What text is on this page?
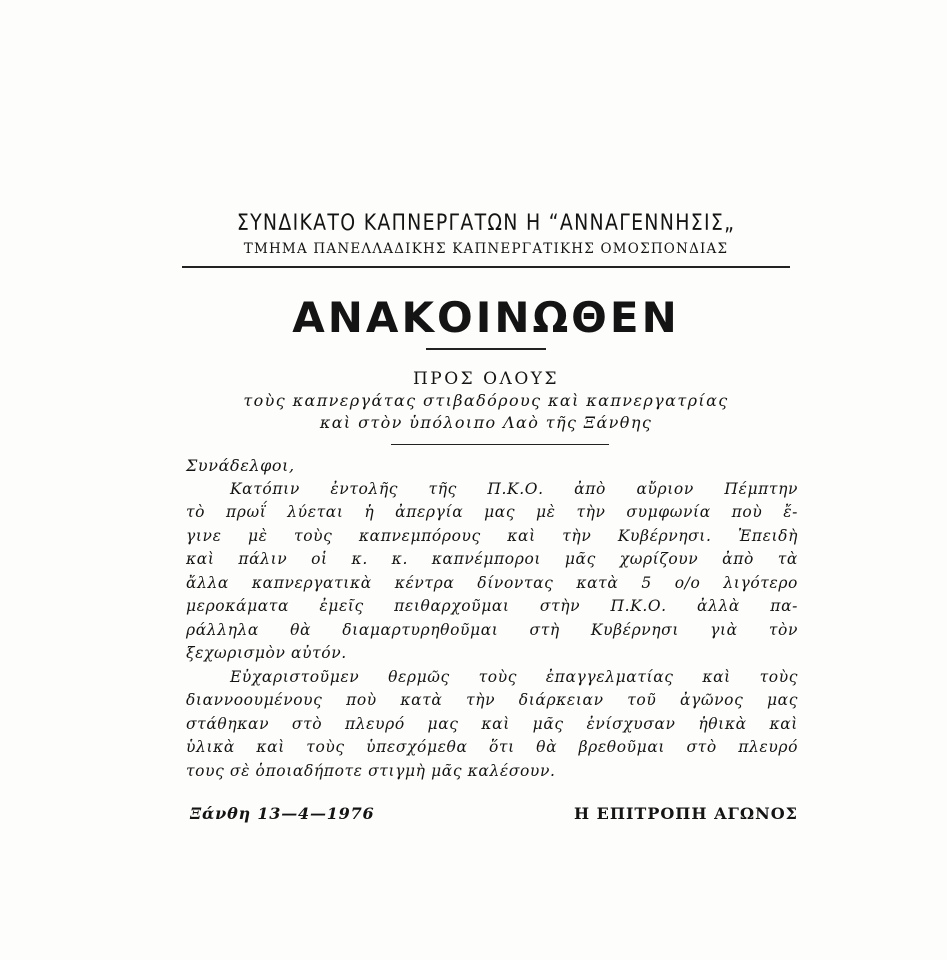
ΣΥΝΔΙΚΑΤΟ ΚΑΠΝΕΡΓΑΤΩΝ Η “ΑΝΝΑΓΕΝΝΗΣΙΣ„

ΤΜΗΜΑ ΠΑΝΕΛΛΑΔΙΚΗΣ ΚΑΠΝΕΡΓΑΤΙΚΗΣ ΟΜΟΣΠΟΝΔΙΑΣ

ΑΝΑΚΟΙΝΩΘΕΝ

ΠΡΟΣ ΟΛΟΥΣ

τοὺς καπνεργάτας στιβαδόρους καὶ καπνεργατρίας

καὶ στὸν ὑπόλοιπο Λαὸ τῆς Ξάνθης

Συνάδελφοι,

Κατόπιν ἐντολῆς τῆς Π.Κ.Ο. ἀπὸ αὔριον Πέμπτην
τὸ πρωΐ λύεται ἡ ἀπεργία μας μὲ τὴν συμφωνία ποὺ ἔ-
γινε μὲ τοὺς καπνεμπόρους καὶ τὴν Κυβέρνησι. Ἐπειδὴ
καὶ πάλιν οἱ κ. κ. καπνέμποροι μᾶς χωρίζουν ἀπὸ τὰ
ἄλλα καπνεργατικὰ κέντρα δίνοντας κατὰ 5 ο/ο λιγότερο
μεροκάματα ἐμεῖς πειθαρχοῦμαι στὴν Π.Κ.Ο. ἀλλὰ πα-
ράλληλα θὰ διαμαρτυρηθοῦμαι στὴ Κυβέρνησι γιὰ τὸν
ξεχωρισμὸν αὐτόν.

Εὐχαριστοῦμεν θερμῶς τοὺς ἐπαγγελματίας καὶ τοὺς
διαννοουμένους ποὺ κατὰ τὴν διάρκειαν τοῦ ἀγῶνος μας
στάθηκαν στὸ πλευρό μας καὶ μᾶς ἐνίσχυσαν ἠθικὰ καὶ
ὑλικὰ καὶ τοὺς ὑπεσχόμεθα ὅτι θὰ βρεθοῦμαι στὸ πλευρό
τους σὲ ὁποιαδήποτε στιγμὴ μᾶς καλέσουν.

Ξάνθη 13—4—1976	Η ΕΠΙΤΡΟΠΗ ΑΓΩΝΟΣ
